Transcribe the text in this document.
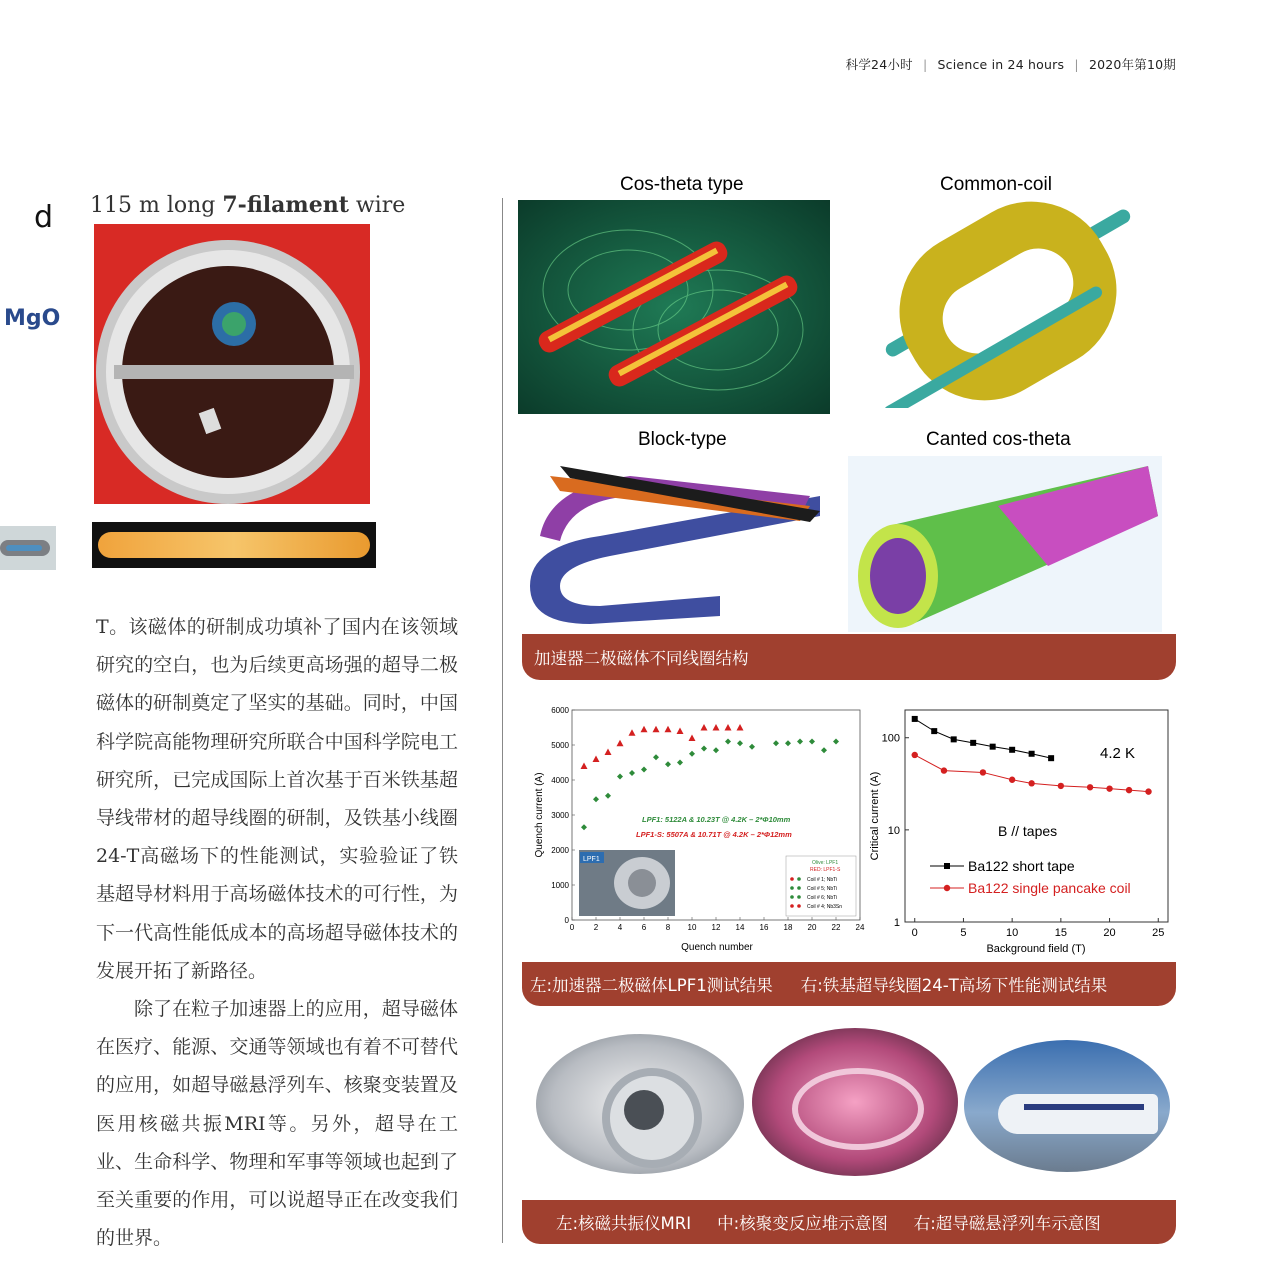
科学24小时 | Science in 24 hours | 2020年第10期
d
MgO
115 m long 7-filament wire

T。该磁体的研制成功填补了国内在该领域研究的空白，也为后续更高场强的超导二极磁体的研制奠定了坚实的基础。同时，中国科学院高能物理研究所联合中国科学院电工研究所，已完成国际上首次基于百米铁基超导线带材的超导线圈的研制，及铁基小线圈24-T高磁场下的性能测试，实验验证了铁基超导材料用于高场磁体技术的可行性，为下一代高性能低成本的高场超导磁体技术的发展开拓了新路径。

除了在粒子加速器上的应用，超导磁体在医疗、能源、交通等领域也有着不可替代的应用，如超导磁悬浮列车、核聚变装置及医用核磁共振MRI等。另外，超导在工业、生命科学、物理和军事等领域也起到了至关重要的作用，可以说超导正在改变我们的世界。

Cos-theta type	Common-coil
Block-type	Canted cos-theta
加速器二极磁体不同线圈结构
0 2 4 6 8 10 12 14 16 18 20 22 24
0
1000
2000
3000
4000
5000
6000
Quench number
Quench current (A)	LPF1: 5122A & 10.23T @ 4.2K – 2*Φ10mm
LPF1-S: 5507A & 10.71T @ 4.2K – 2*Φ12mm
LPF1	Olive: LPF1
RED: LPF1-S
Coil # 1; NbTi
Coil # 5; NbTi
Coil # 6; NbTi
Coil # 4; Nb3Sn
0	5	10	15	20	25
1
10
100
Background field (T)
Critical current (A)
4.2 K
B // tapes
Ba122 short tape
Ba122 single pancake coil
左:加速器二极磁体LPF1测试结果 右:铁基超导线圈24-T高场下性能测试结果
左:核磁共振仪MRI 中:核聚变反应堆示意图 右:超导磁悬浮列车示意图
